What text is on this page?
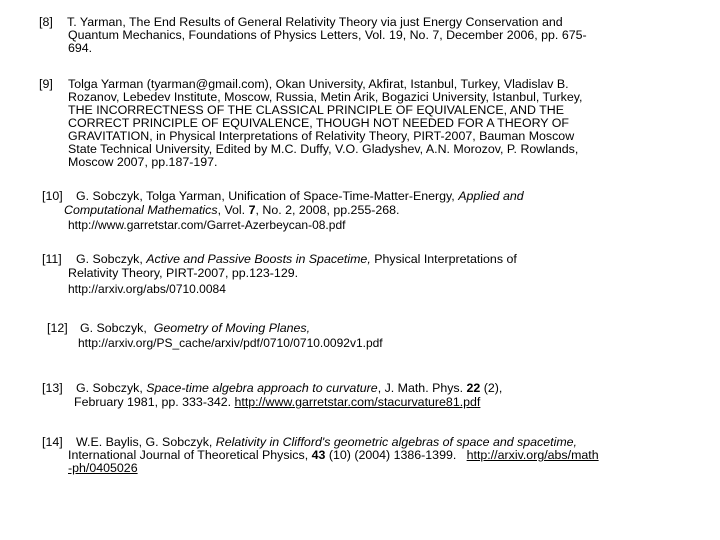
[8] T. Yarman, The End Results of General Relativity Theory via just Energy Conservation and
Quantum Mechanics, Foundations of Physics Letters, Vol. 19, No. 7, December 2006, pp. 675-
694.
[9] Tolga Yarman (tyarman@gmail.com), Okan University, Akfirat, Istanbul, Turkey, Vladislav B.
Rozanov, Lebedev Institute, Moscow, Russia, Metin Arik, Bogazici University, Istanbul, Turkey,
THE INCORRECTNESS OF THE CLASSICAL PRINCIPLE OF EQUIVALENCE, AND THE
CORRECT PRINCIPLE OF EQUIVALENCE, THOUGH NOT NEEDED FOR A THEORY OF
GRAVITATION, in Physical Interpretations of Relativity Theory, PIRT-2007, Bauman Moscow
State Technical University, Edited by M.C. Duffy, V.O. Gladyshev, A.N. Morozov, P. Rowlands,
Moscow 2007, pp.187-197.
[10] G. Sobczyk, Tolga Yarman, Unification of Space-Time-Matter-Energy, Applied and
Computational Mathematics, Vol. 7, No. 2, 2008, pp.255-268.
http://www.garretstar.com/Garret-Azerbeycan-08.pdf
[11] G. Sobczyk, Active and Passive Boosts in Spacetime, Physical Interpretations of
Relativity Theory, PIRT-2007, pp.123-129.
http://arxiv.org/abs/0710.0084
[12] G. Sobczyk, Geometry of Moving Planes,
http://arxiv.org/PS_cache/arxiv/pdf/0710/0710.0092v1.pdf
[13] G. Sobczyk, Space-time algebra approach to curvature, J. Math. Phys. 22 (2),
February 1981, pp. 333-342. http://www.garretstar.com/stacurvature81.pdf
[14] W.E. Baylis, G. Sobczyk, Relativity in Clifford's geometric algebras of space and spacetime,
International Journal of Theoretical Physics, 43 (10) (2004) 1386-1399. http://arxiv.org/abs/math
-ph/0405026
